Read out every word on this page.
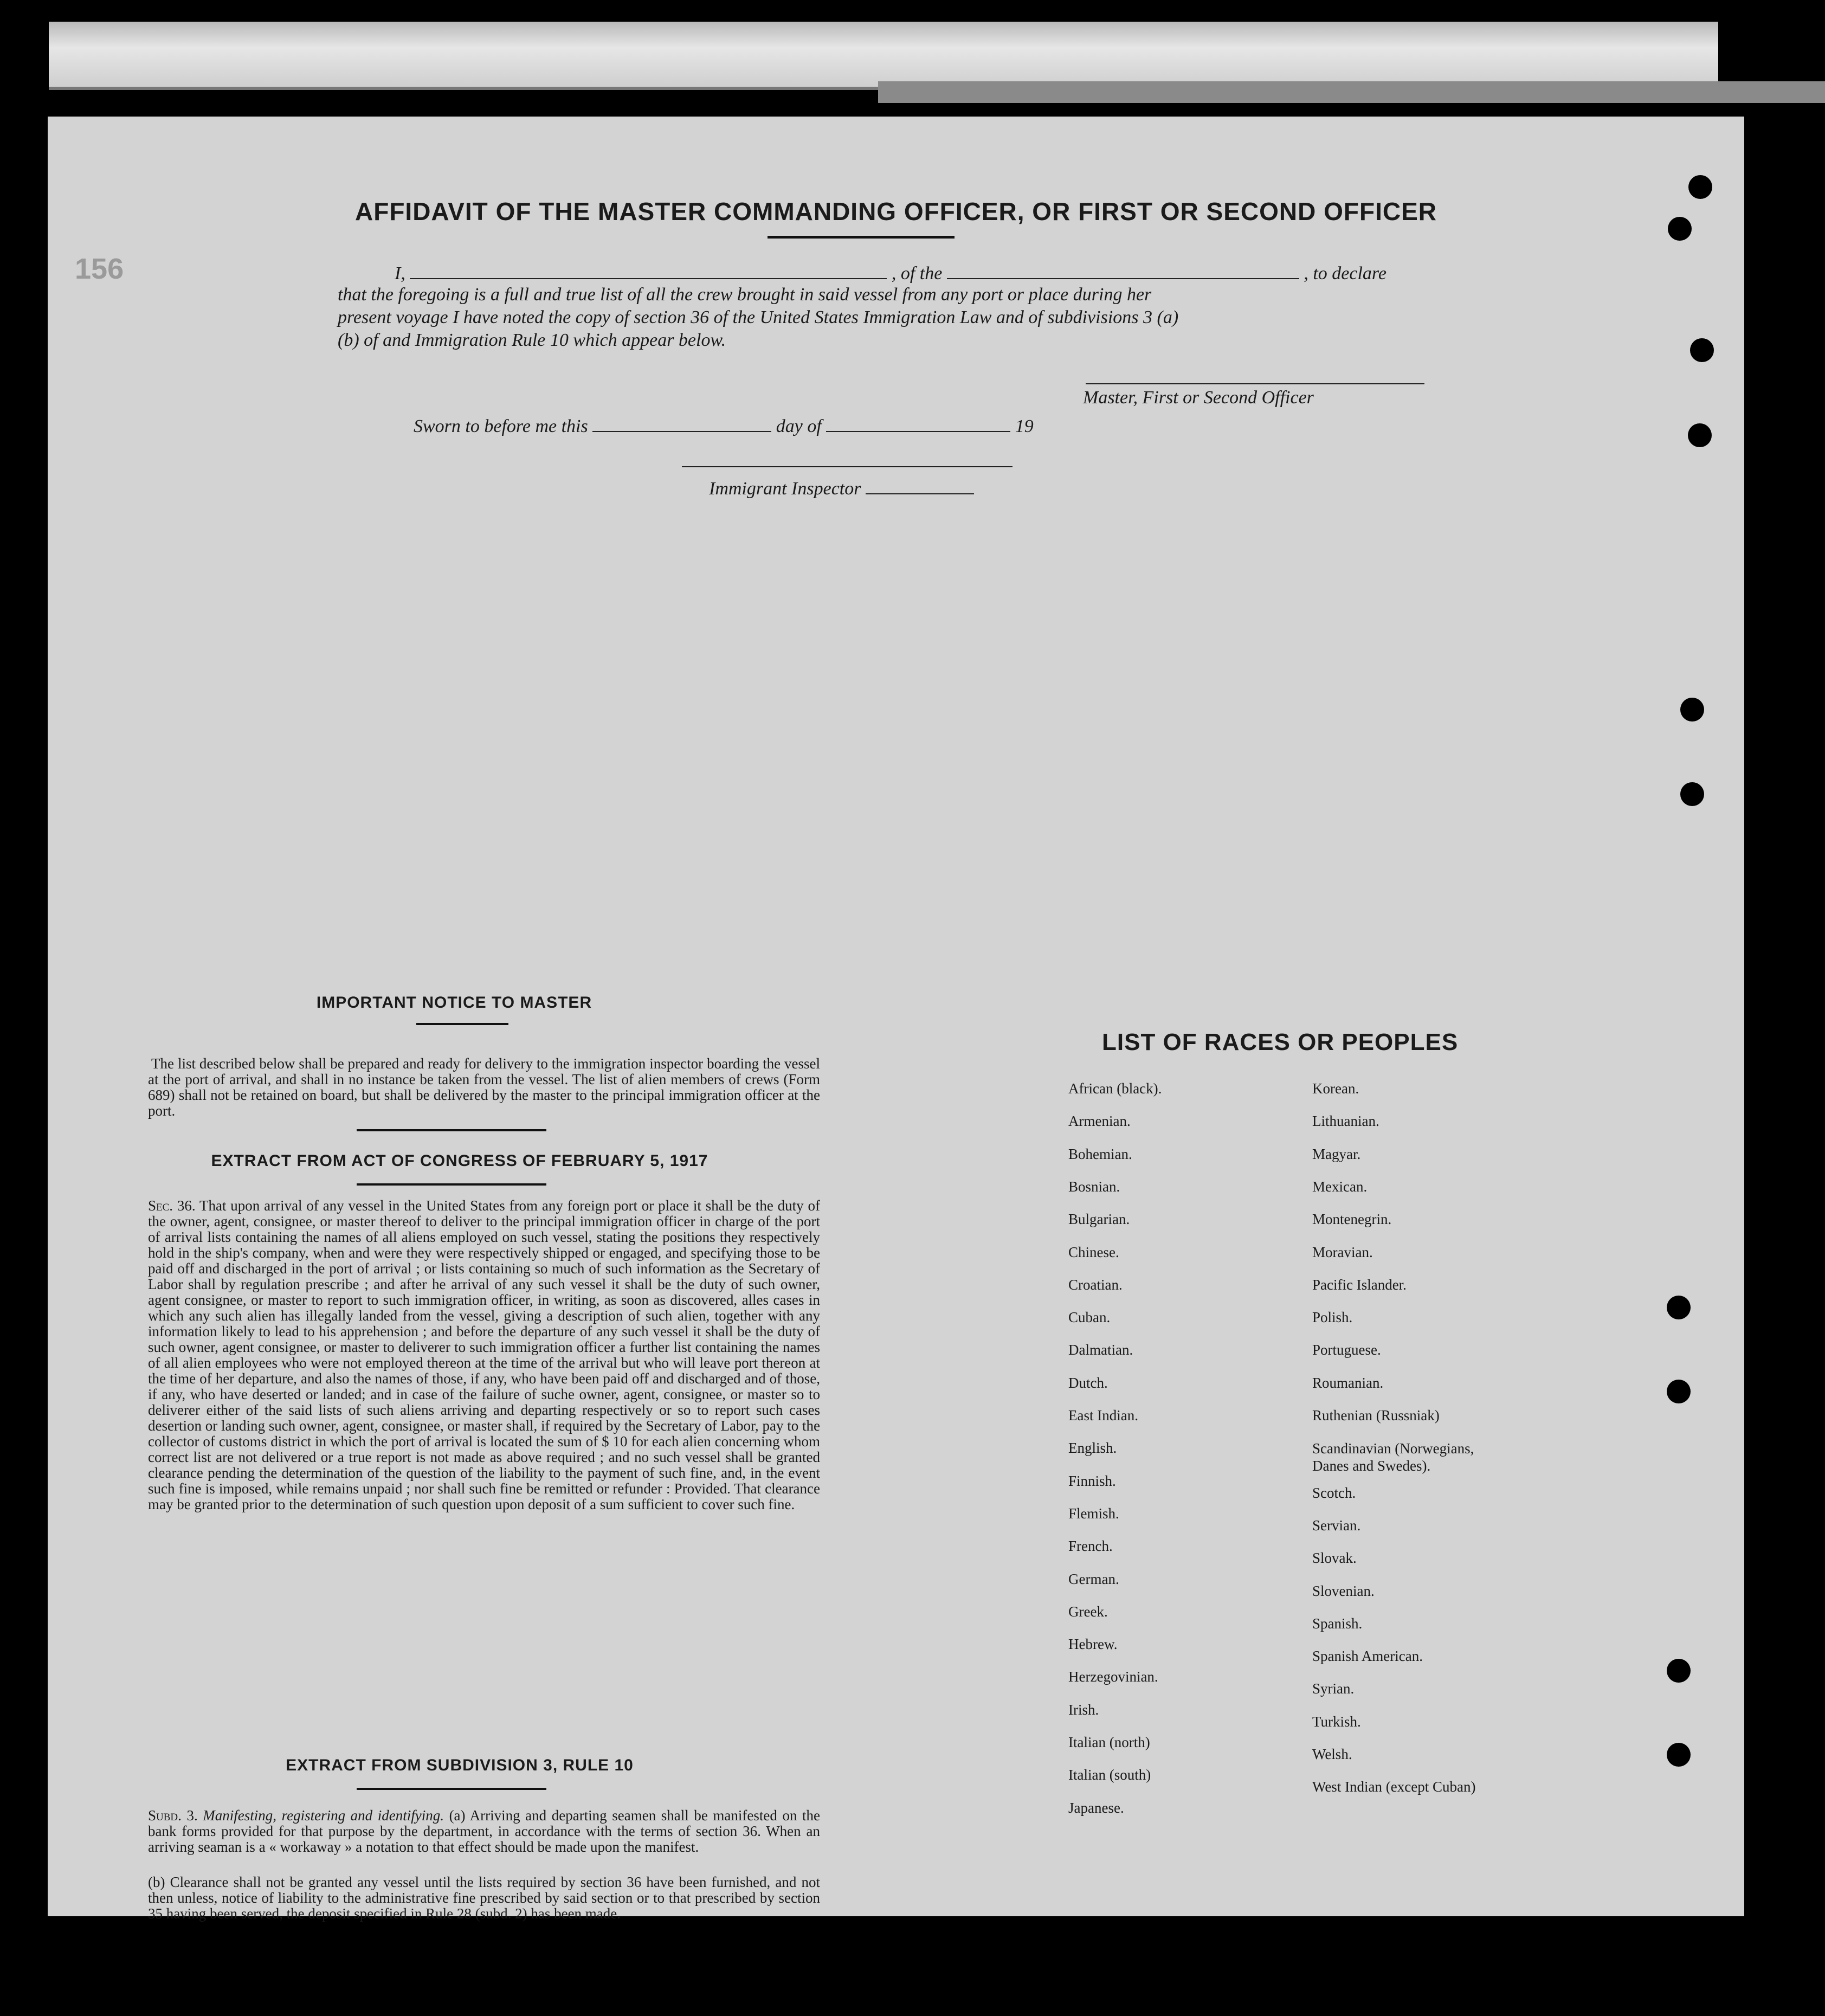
156
AFFIDAVIT OF THE MASTER COMMANDING OFFICER, OR FIRST OR SECOND OFFICER
I,	, of the	, to declare
that the foregoing is a full and true list of all the crew brought in said vessel from any port or place during her
present voyage I have noted the copy of section 36 of the United States Immigration Law and of subdivisions 3 (a)
(b) of and Immigration Rule 10 which appear below.
Master, First or Second Officer
Sworn to before me this	day of	19
Immigrant Inspector
IMPORTANT NOTICE TO MASTER
The list described below shall be prepared and ready for delivery to the immigration inspector boarding the vessel at the port of arrival, and shall in no instance be taken from the vessel. The list of alien members of crews (Form 689) shall not be retained on board, but shall be delivered by the master to the principal immigration officer at the port.
EXTRACT FROM ACT OF CONGRESS OF FEBRUARY 5, 1917
Sec. 36. That upon arrival of any vessel in the United States from any foreign port or place it shall be the duty of the owner, agent, consignee, or master thereof to deliver to the principal immigration officer in charge of the port of arrival lists containing the names of all aliens employed on such vessel, stating the positions they respectively hold in the ship's company, when and were they were respectively shipped or engaged, and specifying those to be paid off and discharged in the port of arrival ; or lists containing so much of such information as the Secretary of Labor shall by regulation prescribe ; and after he arrival of any such vessel it shall be the duty of such owner, agent consignee, or master to report to such immigration officer, in writing, as soon as discovered, alles cases in which any such alien has illegally landed from the vessel, giving a description of such alien, together with any information likely to lead to his apprehension ; and before the departure of any such vessel it shall be the duty of such owner, agent consignee, or master to deliverer to such immigration officer a further list containing the names of all alien employees who were not employed thereon at the time of the arrival but who will leave port thereon at the time of her departure, and also the names of those, if any, who have been paid off and discharged and of those, if any, who have deserted or landed; and in case of the failure of suche owner, agent, consignee, or master so to deliverer either of the said lists of such aliens arriving and departing respectively or so to report such cases desertion or landing such owner, agent, consignee, or master shall, if required by the Secretary of Labor, pay to the collector of customs district in which the port of arrival is located the sum of $ 10 for each alien concerning whom correct list are not delivered or a true report is not made as above required ; and no such vessel shall be granted clearance pending the determination of the question of the liability to the payment of such fine, and, in the event such fine is imposed, while remains unpaid ; nor shall such fine be remitted or refunder : Provided. That clearance may be granted prior to the determination of such question upon deposit of a sum sufficient to cover such fine.
EXTRACT FROM SUBDIVISION 3, RULE 10
Subd. 3. Manifesting, registering and identifying. (a) Arriving and departing seamen shall be manifested on the bank forms provided for that purpose by the department, in accordance with the terms of section 36. When an arriving seaman is a « workaway » a notation to that effect should be made upon the manifest.
(b) Clearance shall not be granted any vessel until the lists required by section 36 have been furnished, and not then unless, notice of liability to the administrative fine prescribed by said section or to that prescribed by section 35 having been served, the deposit specified in Rule 28 (subd. 2) has been made.
LIST OF RACES OR PEOPLES
African (black).
Armenian.
Bohemian.
Bosnian.
Bulgarian.
Chinese.
Croatian.
Cuban.
Dalmatian.
Dutch.
East Indian.
English.
Finnish.
Flemish.
French.
German.
Greek.
Hebrew.
Herzegovinian.
Irish.
Italian (north)
Italian (south)
Japanese.
Korean.
Lithuanian.
Magyar.
Mexican.
Montenegrin.
Moravian.
Pacific Islander.
Polish.
Portuguese.
Roumanian.
Ruthenian (Russniak)
Scandinavian (Norwegians, Danes and Swedes).
Scotch.
Servian.
Slovak.
Slovenian.
Spanish.
Spanish American.
Syrian.
Turkish.
Welsh.
West Indian (except Cuban)
